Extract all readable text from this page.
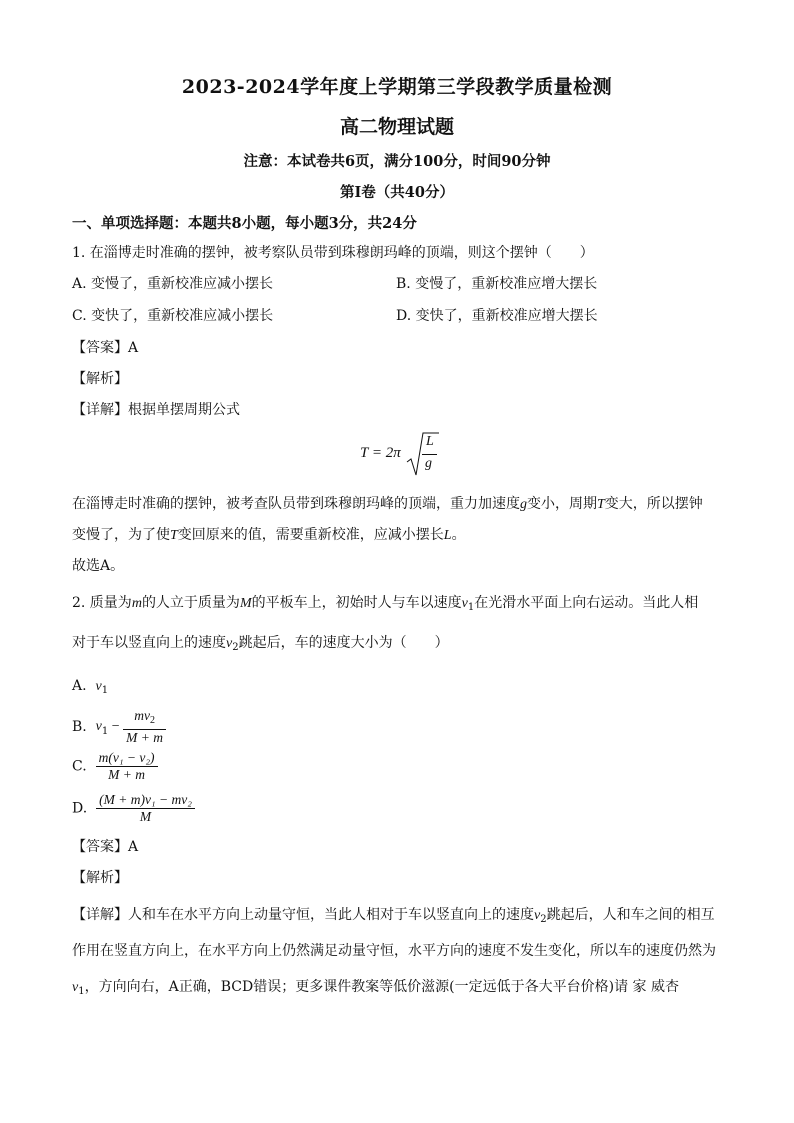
2023-2024学年度上学期第三学段教学质量检测
高二物理试题
注意：本试卷共6页，满分100分，时间90分钟
第I卷（共40分）
一、单项选择题：本题共8小题，每小题3分，共24分
1. 在淄博走时准确的摆钟，被考察队员带到珠穆朗玛峰的顶端，则这个摆钟（　　）
A. 变慢了，重新校准应减小摆长	B. 变慢了，重新校准应增大摆长
C. 变快了，重新校准应减小摆长	D. 变快了，重新校准应增大摆长
【答案】A
【解析】
【详解】根据单摆周期公式
T = 2π
L
g
在淄博走时准确的摆钟，被考查队员带到珠穆朗玛峰的顶端，重力加速度g变小，周期T变大，所以摆钟
变慢了，为了使T变回原来的值，需要重新校准，应减小摆长L。
故选A。
2. 质量为m的人立于质量为M的平板车上，初始时人与车以速度$v_1$在光滑水平面上向右运动。当此人相
对于车以竖直向上的速度$v_2$跳起后，车的速度大小为（　　）
A. $v_1$
B. $v_1 - \frac{mv_2}{M + m}$
C. $\frac{\text{m(v₁ − v₂)}}{M + m}$
D. $\frac{\text{(M + m)v₁ − mv₂}}{M}$
【答案】A
【解析】
【详解】人和车在水平方向上动量守恒，当此人相对于车以竖直向上的速度$v_2$跳起后，人和车之间的相互
作用在竖直方向上，在水平方向上仍然满足动量守恒，水平方向的速度不发生变化，所以车的速度仍然为
$v_1$，方向向右，A正确，BCD错误；更多课件教案等低价滋源(一定远低于各大平台价格)请 家 威杏
